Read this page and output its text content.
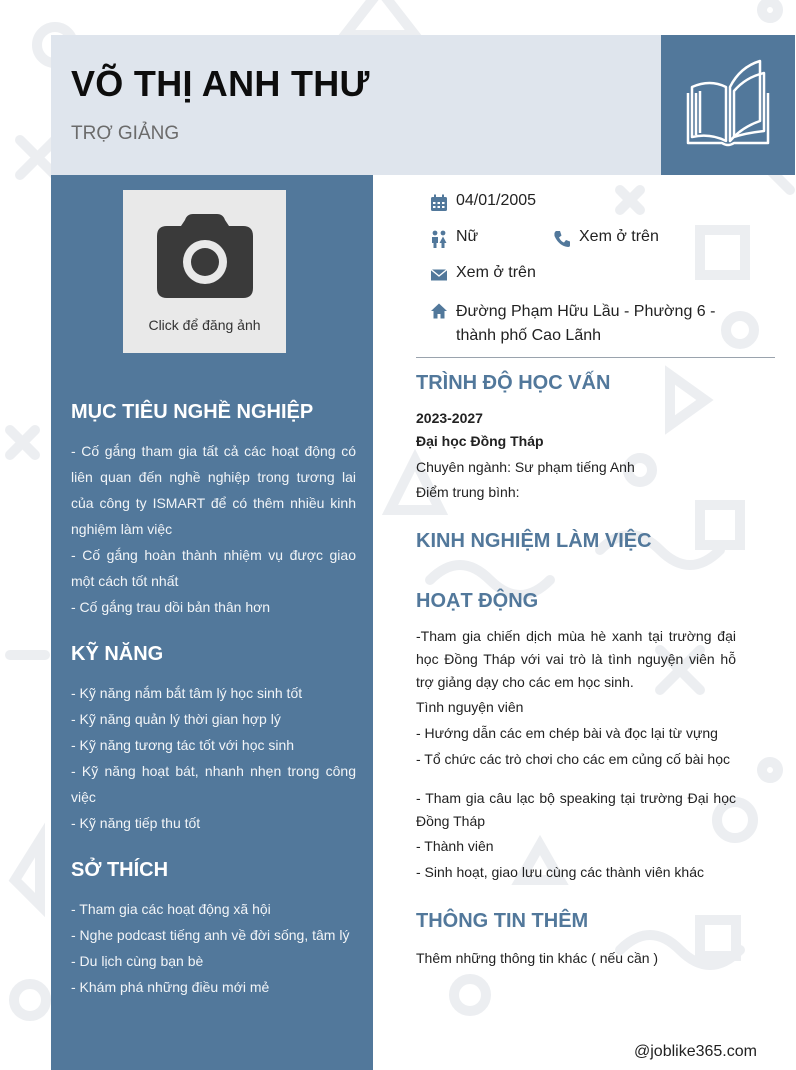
VÕ THỊ ANH THƯ
TRỢ GIẢNG
Click để đăng ảnh
MỤC TIÊU NGHỀ NGHIỆP
- Cố gắng tham gia tất cả các hoạt động có liên quan đến nghề nghiệp trong tương lai của công ty ISMART để có thêm nhiều kinh nghiệm làm việc
- Cố gắng hoàn thành nhiệm vụ được giao một cách tốt nhất
- Cố gắng trau dồi bản thân hơn
KỸ NĂNG
- Kỹ năng nắm bắt tâm lý học sinh tốt
- Kỹ năng quản lý thời gian hợp lý
- Kỹ năng tương tác tốt với học sinh
- Kỹ năng hoạt bát, nhanh nhẹn trong công việc
- Kỹ năng tiếp thu tốt
SỞ THÍCH
- Tham gia các hoạt động xã hội
- Nghe podcast tiếng anh về đời sống, tâm lý
- Du lịch cùng bạn bè
- Khám phá những điều mới mẻ
04/01/2005
Nữ	Xem ở trên
Xem ở trên
Đường Phạm Hữu Lầu - Phường 6 - thành phố Cao Lãnh
TRÌNH ĐỘ HỌC VẤN
2023-2027
Đại học Đồng Tháp
Chuyên ngành: Sư phạm tiếng Anh
Điểm trung bình:
KINH NGHIỆM LÀM VIỆC
HOẠT ĐỘNG
-Tham gia chiến dịch mùa hè xanh tại trường đại học Đồng Tháp với vai trò là tình nguyện viên hỗ trợ giảng dạy cho các em học sinh.
Tình nguyện viên
- Hướng dẫn các em chép bài và đọc lại từ vựng
- Tổ chức các trò chơi cho các em củng cố bài học
- Tham gia câu lạc bộ speaking tại trường Đại học Đồng Tháp
- Thành viên
- Sinh hoạt, giao lưu cùng các thành viên khác
THÔNG TIN THÊM
Thêm những thông tin khác ( nếu cần )
@joblike365.com
